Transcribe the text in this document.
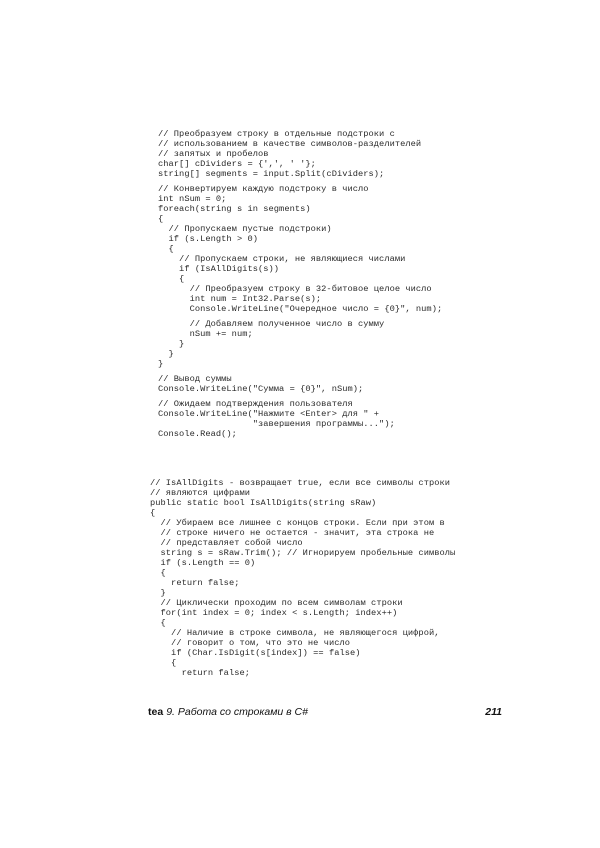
// Преобразуем строку в отдельные подстроки с
// использованием в качестве символов-разделителей
// запятых и пробелов
char[] cDividers = {',', ' '};
string[] segments = input.Split(cDividers);
// Конвертируем каждую подстроку в число
int nSum = 0;
foreach(string s in segments)
{
// Пропускаем пустые подстроки)
if (s.Length > 0)
{
// Пропускаем строки, не являющиеся числами
if (IsAllDigits(s))
{
// Преобразуем строку в 32-битовое целое число
int num = Int32.Parse(s);
Console.WriteLine("Очередное число = {0}", num);
// Добавляем полученное число в сумму
nSum += num;
}
}
}
// Вывод суммы
Console.WriteLine("Сумма = {0}", nSum);
// Ожидаем подтверждения пользователя
Console.WriteLine("Нажмите <Enter> для " +
"завершения программы...");
Console.Read();
// IsAllDigits - возвращает true, если все символы строки
// являются цифрами
public static bool IsAllDigits(string sRaw)
{
// Убираем все лишнее с концов строки. Если при этом в
// строке ничего не остается - значит, эта строка не
// представляет собой число
string s = sRaw.Trim(); // Игнорируем пробельные символы
if (s.Length == 0)
{
return false;
}
// Циклически проходим по всем символам строки
for(int index = 0; index < s.Length; index++)
{
// Наличие в строке символа, не являющегося цифрой,
// говорит о том, что это не число
if (Char.IsDigit(s[index]) == false)
{
return false;
tea 9. Работа со строками в C#	211
